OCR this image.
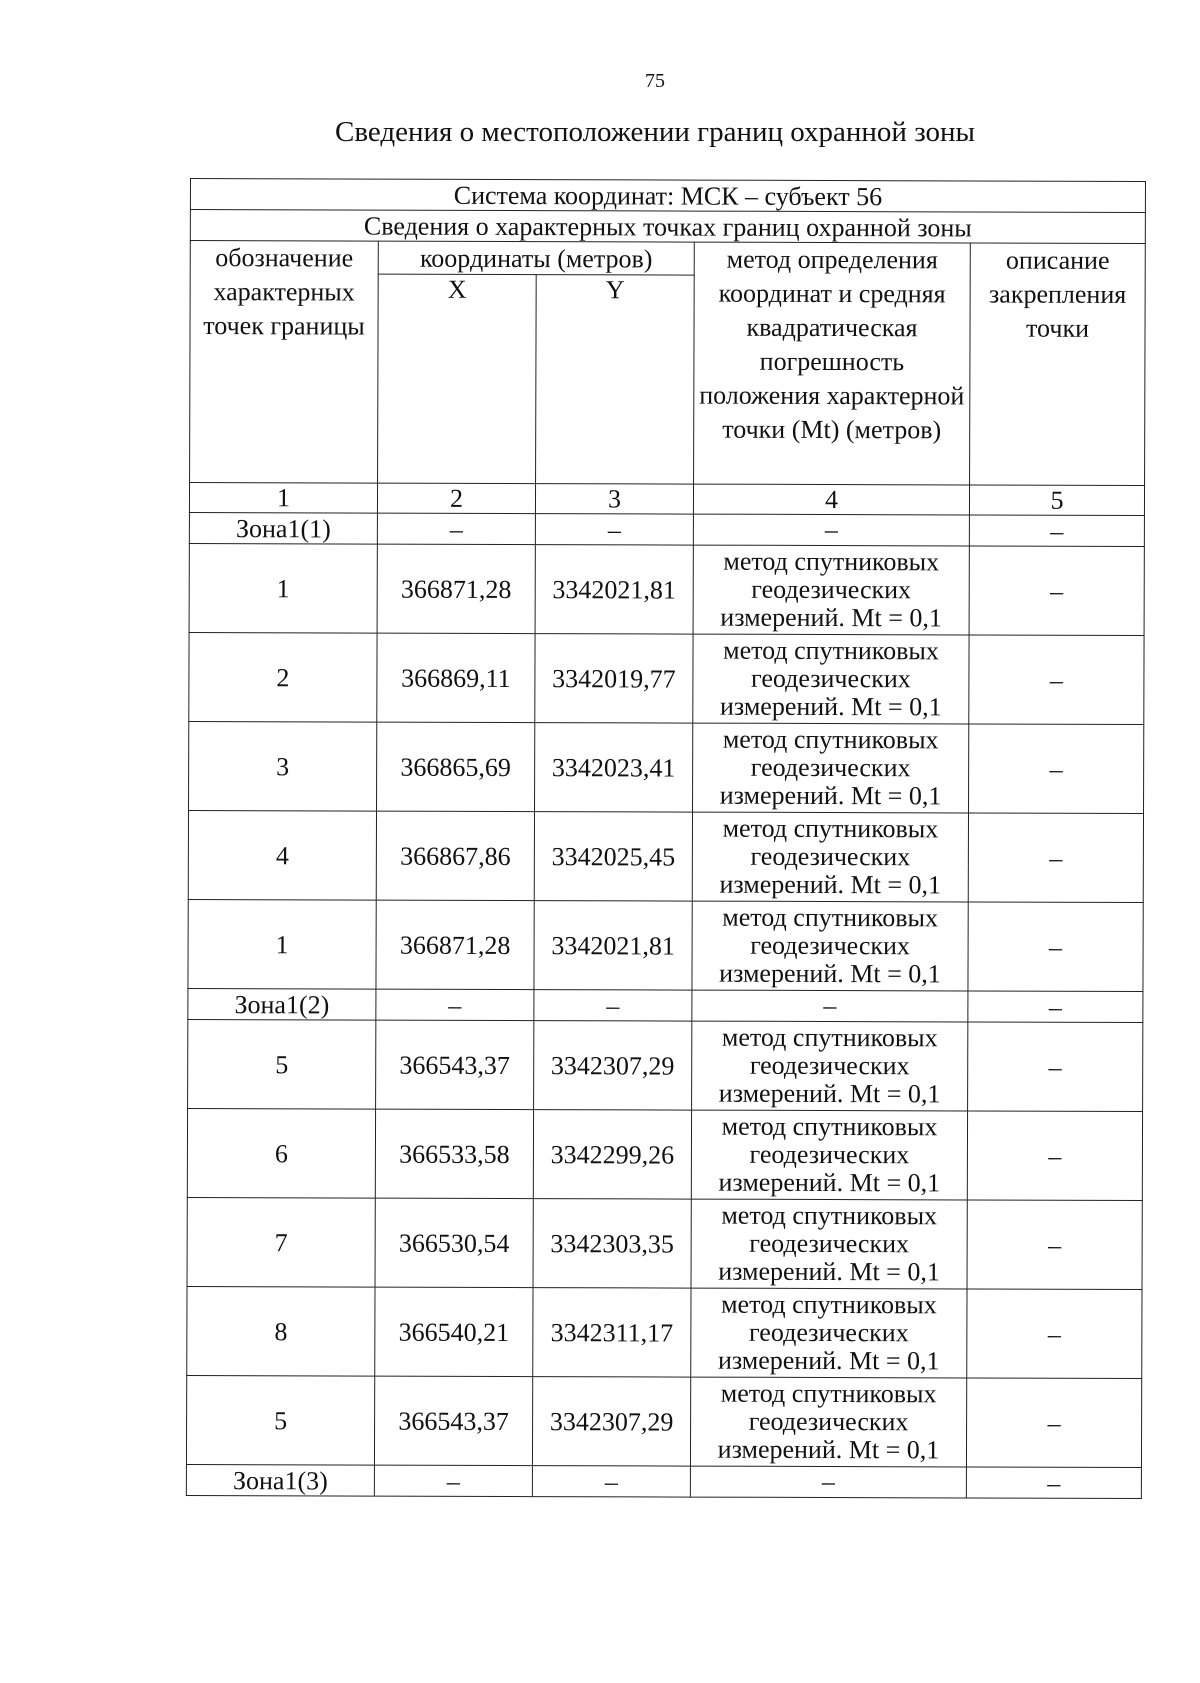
75
Сведения о местоположении границ охранной зоны
Система координат: МСК – субъект 56				
Сведения о характерных точках границ охранной зоны				
обозначение характерных точек границы	координаты (метров)		метод определения координат и средняя квадратическая погрешность положения характерной точки (Mt) (метров)	описание закрепления точки
	X	Y		
1	2	3	4	5
Зона1(1)	–	–	–	–
1	366871,28	3342021,81	метод спутниковых геодезических измерений. Mt = 0,1	–
2	366869,11	3342019,77	метод спутниковых геодезических измерений. Mt = 0,1	–
3	366865,69	3342023,41	метод спутниковых геодезических измерений. Mt = 0,1	–
4	366867,86	3342025,45	метод спутниковых геодезических измерений. Mt = 0,1	–
1	366871,28	3342021,81	метод спутниковых геодезических измерений. Mt = 0,1	–
Зона1(2)	–	–	–	–
5	366543,37	3342307,29	метод спутниковых геодезических измерений. Mt = 0,1	–
6	366533,58	3342299,26	метод спутниковых геодезических измерений. Mt = 0,1	–
7	366530,54	3342303,35	метод спутниковых геодезических измерений. Mt = 0,1	–
8	366540,21	3342311,17	метод спутниковых геодезических измерений. Mt = 0,1	–
5	366543,37	3342307,29	метод спутниковых геодезических измерений. Mt = 0,1	–
Зона1(3)	–	–	–	–
